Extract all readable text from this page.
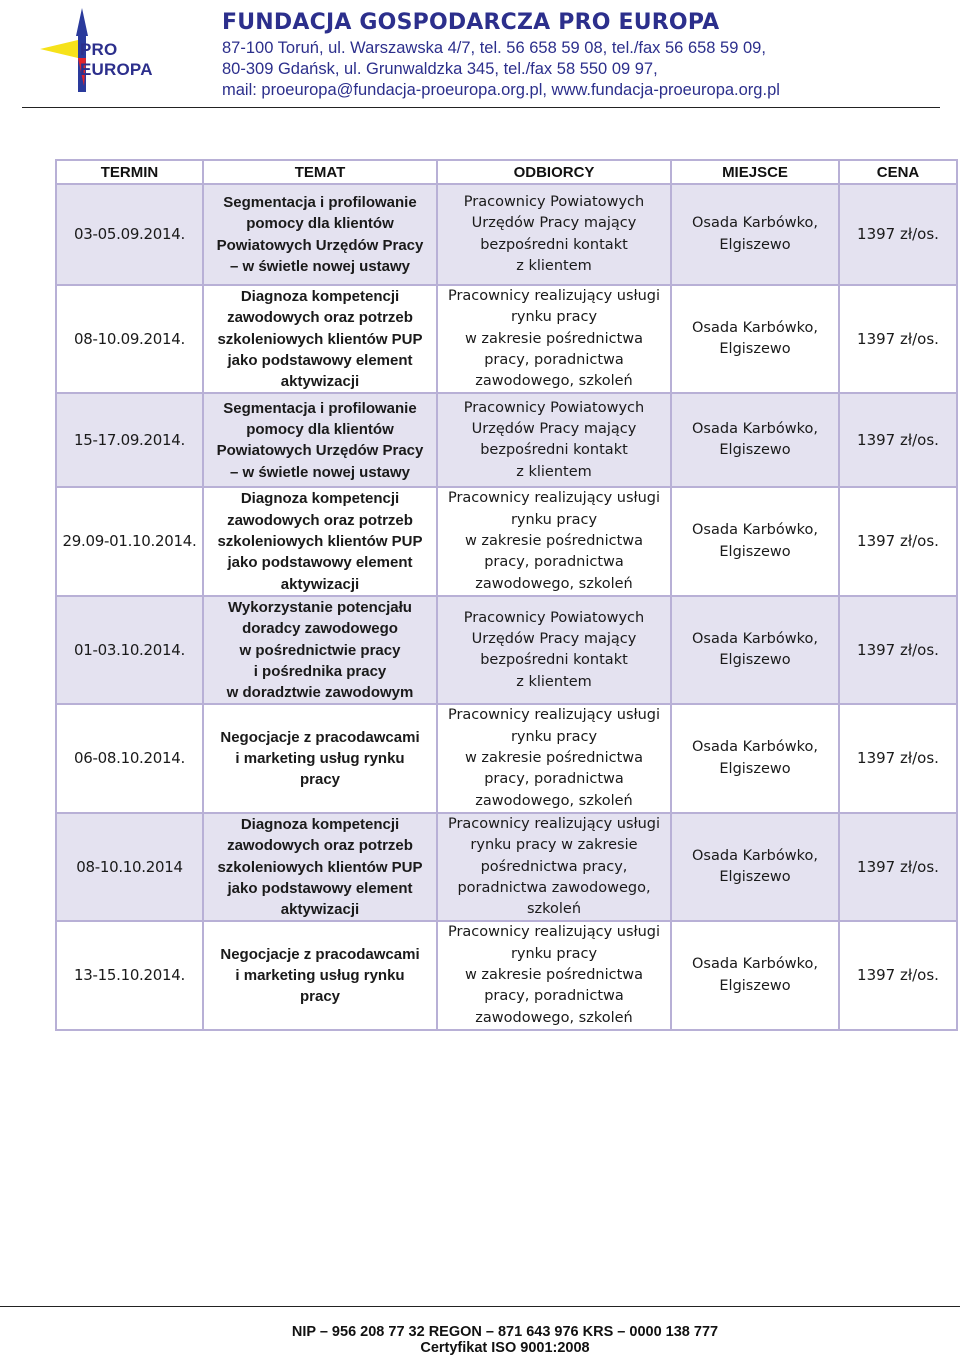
PRO EUROPA
FUNDACJA GOSPODARCZA PRO EUROPA
87-100 Toruń, ul. Warszawska 4/7, tel. 56 658 59 08, tel./fax 56 658 59 09,
80-309 Gdańsk, ul. Grunwaldzka 345, tel./fax 58 550 09 97,
mail: proeuropa@fundacja-proeuropa.org.pl, www.fundacja-proeuropa.org.pl
TERMIN	TEMAT	ODBIORCY	MIEJSCE	CENA
03-05.09.2014.	Segmentacja i profilowanie
pomocy dla klientów
Powiatowych Urzędów Pracy
– w świetle nowej ustawy	Pracownicy Powiatowych
Urzędów Pracy mający
bezpośredni kontakt
z klientem	Osada Karbówko,
Elgiszewo	1397 zł/os.
08-10.09.2014.	Diagnoza kompetencji
zawodowych oraz potrzeb
szkoleniowych klientów PUP
jako podstawowy element
aktywizacji	Pracownicy realizujący usługi
rynku pracy
w zakresie pośrednictwa
pracy, poradnictwa
zawodowego, szkoleń	Osada Karbówko,
Elgiszewo	1397 zł/os.
15-17.09.2014.	Segmentacja i profilowanie
pomocy dla klientów
Powiatowych Urzędów Pracy
– w świetle nowej ustawy	Pracownicy Powiatowych
Urzędów Pracy mający
bezpośredni kontakt
z klientem	Osada Karbówko,
Elgiszewo	1397 zł/os.
29.09-01.10.2014.	Diagnoza kompetencji
zawodowych oraz potrzeb
szkoleniowych klientów PUP
jako podstawowy element
aktywizacji	Pracownicy realizujący usługi
rynku pracy
w zakresie pośrednictwa
pracy, poradnictwa
zawodowego, szkoleń	Osada Karbówko,
Elgiszewo	1397 zł/os.
01-03.10.2014.	Wykorzystanie potencjału
doradcy zawodowego
w pośrednictwie pracy
i pośrednika pracy
w doradztwie zawodowym	Pracownicy Powiatowych
Urzędów Pracy mający
bezpośredni kontakt
z klientem	Osada Karbówko,
Elgiszewo	1397 zł/os.
06-08.10.2014.	Negocjacje z pracodawcami
i marketing usług rynku
pracy	Pracownicy realizujący usługi
rynku pracy
w zakresie pośrednictwa
pracy, poradnictwa
zawodowego, szkoleń	Osada Karbówko,
Elgiszewo	1397 zł/os.
08-10.10.2014	Diagnoza kompetencji
zawodowych oraz potrzeb
szkoleniowych klientów PUP
jako podstawowy element
aktywizacji	Pracownicy realizujący usługi
rynku pracy w zakresie
pośrednictwa pracy,
poradnictwa zawodowego,
szkoleń	Osada Karbówko,
Elgiszewo	1397 zł/os.
13-15.10.2014.	Negocjacje z pracodawcami
i marketing usług rynku
pracy	Pracownicy realizujący usługi
rynku pracy
w zakresie pośrednictwa
pracy, poradnictwa
zawodowego, szkoleń	Osada Karbówko,
Elgiszewo	1397 zł/os.
NIP – 956 208 77 32 REGON – 871 643 976 KRS – 0000 138 777
Certyfikat ISO 9001:2008
